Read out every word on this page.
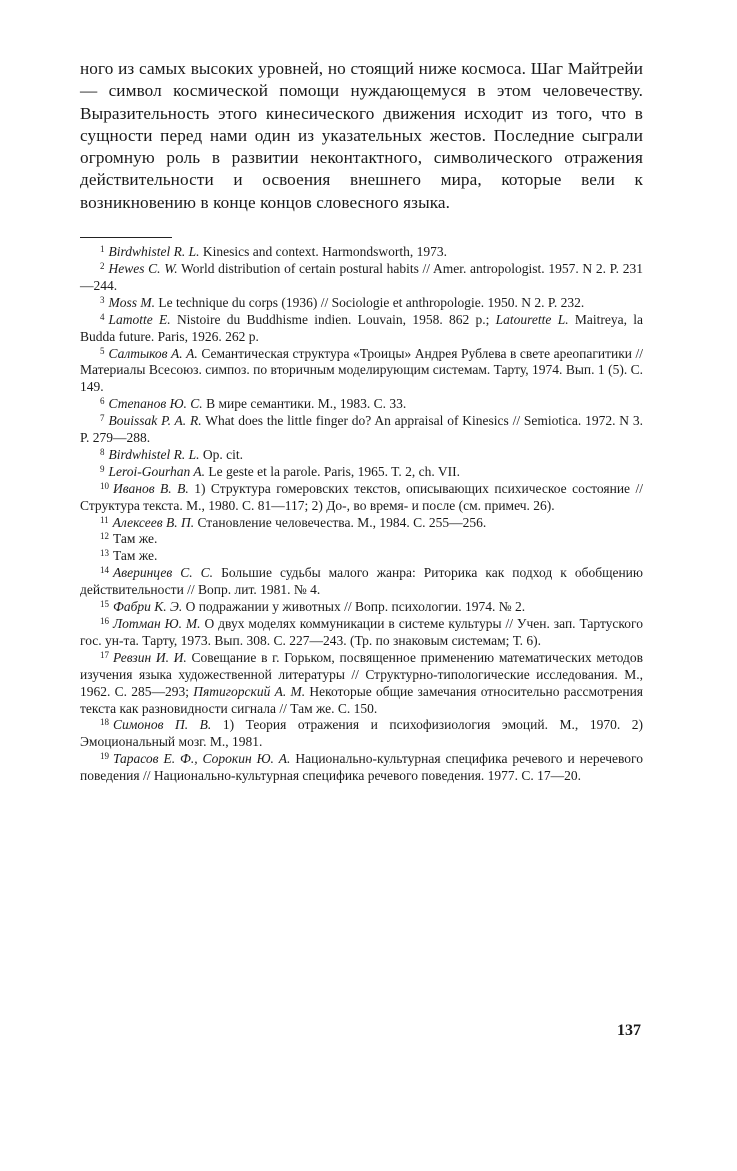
ного из самых высоких уровней, но стоящий ниже космоса. Шаг Майтрейи — символ космической помощи нуждающемуся в этом человечеству. Выразительность этого кинесического движения исходит из того, что в сущности перед нами один из указательных жестов. Последние сыграли огромную роль в развитии неконтактного, символического отражения действительности и освоения внешнего мира, которые вели к возникновению в конце концов словесного языка.

$^1$ Birdwhistel R. L. Kinesics and context. Harmondsworth, 1973.

$^2$ Hewes C. W. World distribution of certain postural habits // Amer. antropologist. 1957. N 2. P. 231—244.

$^3$ Moss M. Le technique du corps (1936) // Sociologie et anthropologie. 1950. N 2. P. 232.

$^4$ Lamotte E. Nistoire du Buddhisme indien. Louvain, 1958. 862 p.; Latourette L. Maitreya, la Budda future. Paris, 1926. 262 p.

$^5$ Салтыков А. А. Семантическая структура «Троицы» Андрея Рублева в свете ареопагитики // Материалы Всесоюз. симпоз. по вторичным моделирующим системам. Тарту, 1974. Вып. 1 (5). С. 149.

$^6$ Степанов Ю. С. В мире семантики. М., 1983. С. 33.

$^7$ Bouissak P. A. R. What does the little finger do? An appraisal of Kinesics // Semiotica. 1972. N 3. P. 279—288.

$^8$ Birdwhistel R. L. Op. cit.

$^9$ Leroi-Gourhan A. Le geste et la parole. Paris, 1965. T. 2, ch. VII.

$^{10}$ Иванов В. В. 1) Структура гомеровских текстов, описывающих психическое состояние // Структура текста. М., 1980. С. 81—117; 2) До-, во время- и после (см. примеч. 26).

$^{11}$ Алексеев В. П. Становление человечества. М., 1984. С. 255—256.

$^{12}$ Там же.

$^{13}$ Там же.

$^{14}$ Аверинцев С. С. Большие судьбы малого жанра: Риторика как подход к обобщению действительности // Вопр. лит. 1981. № 4.

$^{15}$ Фабри К. Э. О подражании у животных // Вопр. психологии. 1974. № 2.

$^{16}$ Лотман Ю. М. О двух моделях коммуникации в системе культуры // Учен. зап. Тартуского гос. ун-та. Тарту, 1973. Вып. 308. С. 227—243. (Тр. по знаковым системам; Т. 6).

$^{17}$ Ревзин И. И. Совещание в г. Горьком, посвященное применению математических методов изучения языка художественной литературы // Структурно-типологические исследования. М., 1962. С. 285—293; Пятигорский А. М. Некоторые общие замечания относительно рассмотрения текста как разновидности сигнала // Там же. С. 150.

$^{18}$ Симонов П. В. 1) Теория отражения и психофизиология эмоций. М., 1970. 2) Эмоциональный мозг. М., 1981.

$^{19}$ Тарасов Е. Ф., Сорокин Ю. А. Национально-культурная специфика речевого и неречевого поведения // Национально-культурная специфика речевого поведения. 1977. С. 17—20.

137
